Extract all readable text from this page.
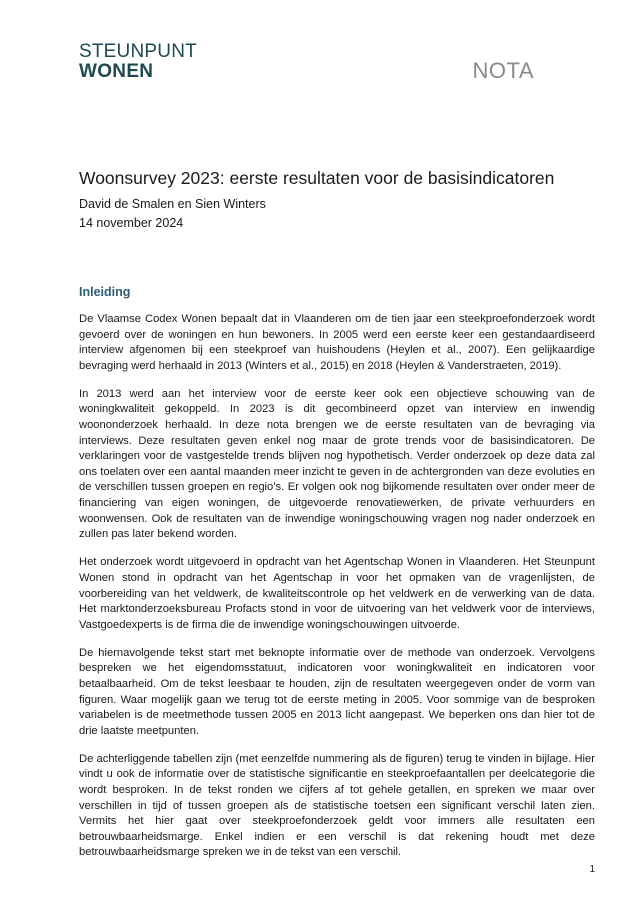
STEUNPUNT
WONEN	NOTA
Woonsurvey 2023: eerste resultaten voor de basisindicatoren
David de Smalen en Sien Winters
14 november 2024
Inleiding

De Vlaamse Codex Wonen bepaalt dat in Vlaanderen om de tien jaar een steekproefonderzoek wordt gevoerd over de woningen en hun bewoners. In 2005 werd een eerste keer een gestandaardiseerd interview afgenomen bij een steekproef van huishoudens (Heylen et al., 2007). Een gelijkaardige bevraging werd herhaald in 2013 (Winters et al., 2015) en 2018 (Heylen & Vanderstraeten, 2019).

In 2013 werd aan het interview voor de eerste keer ook een objectieve schouwing van de woningkwaliteit gekoppeld. In 2023 is dit gecombineerd opzet van interview en inwendig woononderzoek herhaald. In deze nota brengen we de eerste resultaten van de bevraging via interviews. Deze resultaten geven enkel nog maar de grote trends voor de basisindicatoren. De verklaringen voor de vastgestelde trends blijven nog hypothetisch. Verder onderzoek op deze data zal ons toelaten over een aantal maanden meer inzicht te geven in de achtergronden van deze evoluties en de verschillen tussen groepen en regio’s. Er volgen ook nog bijkomende resultaten over onder meer de financiering van eigen woningen, de uitgevoerde renovatiewerken, de private verhuurders en woonwensen. Ook de resultaten van de inwendige woningschouwing vragen nog nader onderzoek en zullen pas later bekend worden.

Het onderzoek wordt uitgevoerd in opdracht van het Agentschap Wonen in Vlaanderen. Het Steunpunt Wonen stond in opdracht van het Agentschap in voor het opmaken van de vragenlijsten, de voorbereiding van het veldwerk, de kwaliteitscontrole op het veldwerk en de verwerking van de data. Het marktonderzoeksbureau Profacts stond in voor de uitvoering van het veldwerk voor de interviews, Vastgoedexperts is de firma die de inwendige woningschouwingen uitvoerde.

De hiernavolgende tekst start met beknopte informatie over de methode van onderzoek. Vervolgens bespreken we het eigendomsstatuut, indicatoren voor woningkwaliteit en indicatoren voor betaalbaarheid. Om de tekst leesbaar te houden, zijn de resultaten weergegeven onder de vorm van figuren. Waar mogelijk gaan we terug tot de eerste meting in 2005. Voor sommige van de besproken variabelen is de meetmethode tussen 2005 en 2013 licht aangepast. We beperken ons dan hier tot de drie laatste meetpunten.

De achterliggende tabellen zijn (met eenzelfde nummering als de figuren) terug te vinden in bijlage. Hier vindt u ook de informatie over de statistische significantie en steekproefaantallen per deelcategorie die wordt besproken. In de tekst ronden we cijfers af tot gehele getallen, en spreken we maar over verschillen in tijd of tussen groepen als de statistische toetsen een significant verschil laten zien. Vermits het hier gaat over steekproefonderzoek geldt voor immers alle resultaten een betrouwbaarheidsmarge. Enkel indien er een verschil is dat rekening houdt met deze betrouwbaarheidsmarge spreken we in de tekst van een verschil.

1
